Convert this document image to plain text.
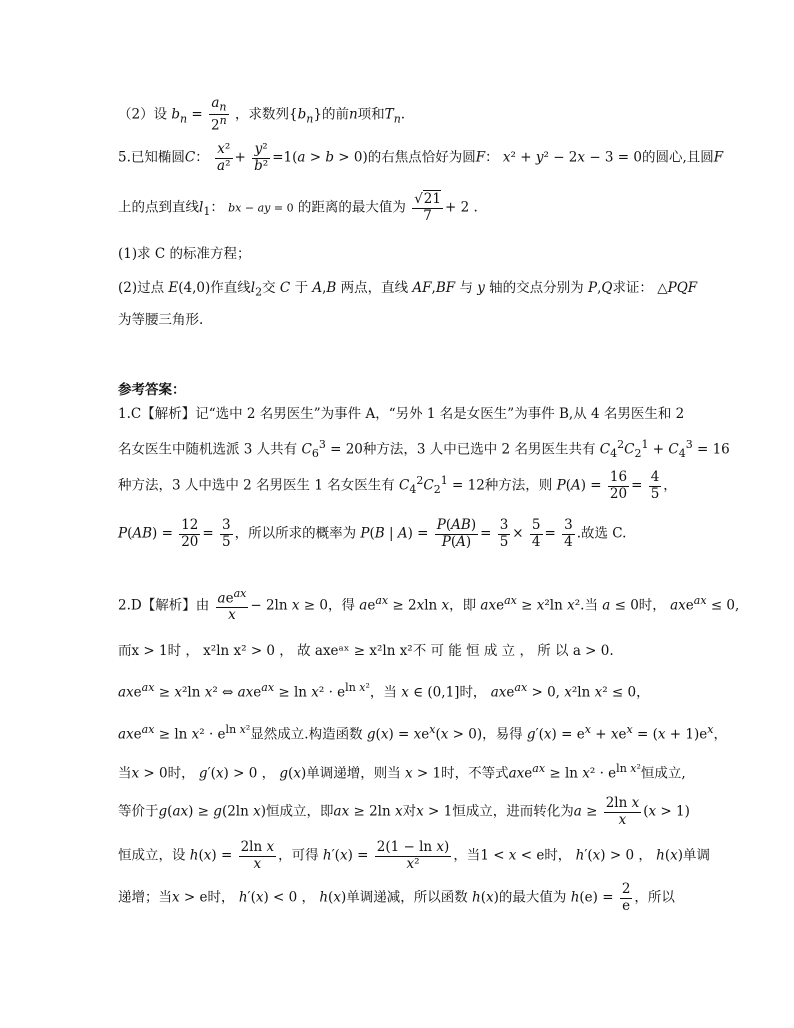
（2）设 $b_n = \frac{a_n}{2^n}$ ，求数列$\{b_n\}$的前n项和$T_n$.
5.已知椭圆C： $\frac{\text{x²}}{\text{a²}} + \frac{\text{y²}}{\text{b²}} =1(a > b > 0)$的右焦点恰好为圆F： x² + y² − 2x − 3 = 0的圆心,且圆F
上的点到直线$l_1$： bx − ay = 0 的距离的最大值为 $\frac{√21}{7} + 2$ .
(1)求 C 的标准方程；
(2)过点 E(4,0)作直线$l_2$交 C 于 A,B 两点，直线 AF,BF 与 y 轴的交点分别为 P,Q求证： △PQF
为等腰三角形.
参考答案：
1.C【解析】记“选中 2 名男医生”为事件 A，“另外 1 名是女医生”为事件 B,从 4 名男医生和 2
名女医生中随机选派 3 人共有 $C_6^3 = 20$种方法，3 人中已选中 2 名男医生共有 $C_4^2C_2^1 + C_4^3 = 16$
种方法，3 人中选中 2 名男医生 1 名女医生有 $C_4^2C_2^1 = 12$种方法，则 $P(A) = \frac{16}{20} = \frac{4}{5}$ ，
$P(AB) = \frac{12}{20} = \frac{3}{5}$ ，所以所求的概率为 P(B | $A) = \frac{P(AB)}{P(A)} = \frac{3}{5} \times \frac{5}{4} = \frac{3}{4}$ .故选 C.
2.D【解析】由 $\frac{ae^{ax}}{x} - 2\ln$ x ≥ 0，得 $ae^{ax} \ge 2xln$ x，即 axe$^{ax}$ ≥ x²ln x².当 a ≤ 0时， axe$^{ax}$ ≤ 0,
而x > 1时 ， x²ln x² > 0 ， 故 axeᵃˣ ≥ x²ln x²不 可 能 恒 成 立 ， 所 以 a > 0.
axe$^{ax}$ ≥ x²ln x² ⇔ $axe^{ax} \ge \ln x^2 \cdot e^{ln x^2}$，当 x ∈ (0,1]时， axe$^{ax}$ > 0, x²ln x² ≤ 0，
$axe^{ax} \ge \ln x^2 \cdot e^{ln x^2}$显然成立.构造函数 $g(x) = xe^x(x > 0)$，易得 $g'(x) = e^x + xe^x = (x + 1)e^x$，
当x > 0时， g′(x) > 0 ， g(x)单调递增，则当 x > 1时，不等式$axe^{ax} \ge \ln x^2 \cdot e^{ln x^2}$恒成立,
等价于g(ax) ≥ g(2ln x)恒成立，即ax ≥ 2ln x对x > 1恒成立，进而转化为$a \ge \frac{\text{2ln x}}{x} (x > 1)$
恒成立，设 $h(x) = \frac{\text{2ln x}}{x}$ ，可得 $h'(x) = \frac{\text{2(1 − ln x)}}{\text{x²}}$ ，当1 < x < e时， h′(x) > 0 ， h(x)单调
递增；当x > e时， h′(x) < 0 ， h(x)单调递减，所以函数 h(x)的最大值为 $h(e) = \frac{2}{e}$ ，所以
